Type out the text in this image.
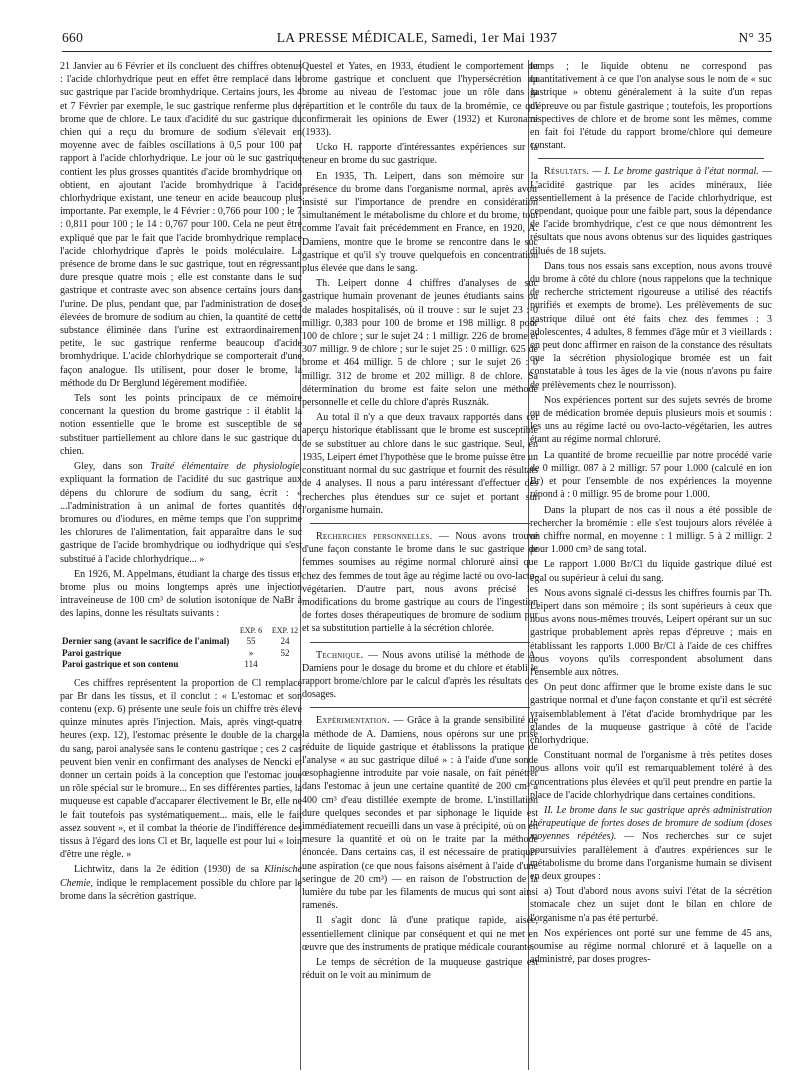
660	LA PRESSE MÉDICALE, Samedi, 1er Mai 1937	N° 35

21 Janvier au 6 Février et ils concluent des chiffres obtenus : l'acide chlorhydrique peut en effet être remplacé dans le suc gastrique par l'acide bromhydrique. Certains jours, les 4 et 7 Février par exemple, le suc gastrique renferme plus de brome que de chlore. Le taux d'acidité du suc gastrique du chien qui a reçu du bromure de sodium s'élevait en moyenne avec de faibles oscillations à 0,5 pour 100 par rapport à l'acide chlorhydrique. Le jour où le suc gastrique contient les plus grosses quantités d'acide bromhydrique on obtient, en ajoutant l'acide bromhydrique à l'acide chlorhydrique existant, une teneur en acide beaucoup plus importante. Par exemple, le 4 Février : 0,766 pour 100 ; le 7 : 0,811 pour 100 ; le 14 : 0,767 pour 100. Cela ne peut être expliqué que par le fait que l'acide bromhydrique remplace l'acide chlorhydrique d'après le poids moléculaire. La présence de brome dans le suc gastrique, tout en régressant, dure presque quatre mois ; elle est constante dans le suc gastrique et contraste avec son absence certains jours dans l'urine. De plus, pendant que, par l'administration de doses élevées de bromure de sodium au chien, la quantité de cette substance éliminée dans l'urine est extraordinairement petite, le suc gastrique renferme beaucoup d'acide bromhydrique. L'acide chlorhydrique se comporterait d'une façon analogue. Ils utilisent, pour doser le brome, la méthode du Dr Berglund légèrement modifiée.

Tels sont les points principaux de ce mémoire concernant la question du brome gastrique : il établit la notion essentielle que le brome est susceptible de se substituer partiellement au chlore dans le suc gastrique du chien.

Gley, dans son Traité élémentaire de physiologie, expliquant la formation de l'acidité du suc gastrique aux dépens du chlorure de sodium du sang, écrit : « ...l'administration à un animal de fortes quantités de bromures ou d'iodures, en même temps que l'on supprime les chlorures de l'alimentation, fait apparaître dans le suc gastrique de l'acide bromhydrique ou iodhydrique qui s'est substitué à l'acide chlorhydrique... »

En 1926, M. Appelmans, étudiant la charge des tissus en brome plus ou moins longtemps après une injection intraveineuse de 100 cm³ de solution isotonique de NaBr à des lapins, donne les résultats suivants :

	EXP. 6	EXP. 12
Dernier sang (avant le sacrifice de l'animal)	55	24
Paroi gastrique	»	52
Paroi gastrique et son contenu	114	

Ces chiffres représentent la proportion de Cl remplacé par Br dans les tissus, et il conclut : « L'estomac et son contenu (exp. 6) présente une seule fois un chiffre très élevé quinze minutes après l'injection. Mais, après vingt-quatre heures (exp. 12), l'estomac présente le double de la charge du sang, paroi analysée sans le contenu gastrique ; ces 2 cas peuvent bien venir en confirmant des analyses de Nencki et donner un certain poids à la conception que l'estomac joue un rôle spécial sur le bromure... En ses différentes parties, la muqueuse est capable d'accaparer électivement le Br, elle ne le fait toutefois pas systématiquement... mais, elle le fait assez souvent », et il combat la théorie de l'indifférence des tissus à l'égard des ions Cl et Br, laquelle est pour lui « loin d'être une règle. »

Lichtwitz, dans la 2e édition (1930) de sa Klinische Chemie, indique le remplacement possible du chlore par le brome dans la sécrétion gastrique.

Questel et Yates, en 1933, étudient le comportement du brome gastrique et concluent que l'hypersécrétion du brome au niveau de l'estomac joue un rôle dans la répartition et le contrôle du taux de la bromémie, ce qui confirmerait les opinions de Ewer (1932) et Kuronami (1933).

Ucko H. rapporte d'intéressantes expériences sur la teneur en brome du suc gastrique.

En 1935, Th. Leipert, dans son mémoire sur la présence du brome dans l'organisme normal, après avoir insisté sur l'importance de prendre en considération simultanément le métabolisme du chlore et du brome, tout comme l'avait fait précédemment en France, en 1920, A. Damiens, montre que le brome se rencontre dans le suc gastrique et qu'il s'y trouve quelquefois en concentration plus élevée que dans le sang.

Th. Leipert donne 4 chiffres d'analyses de suc gastrique humain provenant de jeunes étudiants sains ou de malades hospitalisés, où il trouve : sur le sujet 23 : 0 milligr. 0,383 pour 100 de brome et 198 milligr. 8 pour 100 de chlore ; sur le sujet 24 : 1 milligr. 226 de brome et 307 milligr. 9 de chlore ; sur le sujet 25 : 0 milligr. 625 de brome et 464 milligr. 5 de chlore ; sur le sujet 26 : 0 milligr. 312 de brome et 202 milligr. 8 de chlore. Sa détermination du brome est faite selon une méthode personnelle et celle du chlore d'après Rusznák.

Au total il n'y a que deux travaux rapportés dans cet aperçu historique établissant que le brome est susceptible de se substituer au chlore dans le suc gastrique. Seul, en 1935, Leipert émet l'hypothèse que le brome puisse être un constituant normal du suc gastrique et fournit des résultats de 4 analyses. Il nous a paru intéressant d'effectuer des recherches plus étendues sur ce sujet et portant sur l'organisme humain.

Recherches personnelles. — Nous avons trouvé d'une façon constante le brome dans le suc gastrique de femmes soumises au régime normal chloruré ainsi que chez des femmes de tout âge au régime lacté ou ovo-lacto-végétarien. D'autre part, nous avons précisé les modifications du brome gastrique au cours de l'ingestion de fortes doses thérapeutiques de bromure de sodium pur et sa substitution partielle à la sécrétion chlorée.

Technique. — Nous avons utilisé la méthode de A. Damiens pour le dosage du brome et du chlore et établi le rapport brome/chlore par le calcul d'après les résultats des dosages.

Expérimentation. — Grâce à la grande sensibilité de la méthode de A. Damiens, nous opérons sur une prise réduite de liquide gastrique et établissons la pratique de l'analyse « au suc gastrique dilué » : à l'aide d'une sonde œsophagienne introduite par voie nasale, on fait pénétrer dans l'estomac à jeun une certaine quantité de 200 cm³ à 400 cm³ d'eau distillée exempte de brome. L'instillation dure quelques secondes et par siphonage le liquide est immédiatement recueilli dans un vase à précipité, où on en mesure la quantité et où on le traite par la méthode énoncée. Dans certains cas, il est nécessaire de pratiquer une aspiration (ce que nous faisons aisément à l'aide d'une seringue de 20 cm³) — en raison de l'obstruction de la lumière du tube par les filaments de mucus qui sont ainsi ramenés.

Il s'agit donc là d'une pratique rapide, aisée, essentiellement clinique par conséquent et qui ne met en œuvre que des instruments de pratique médicale courante.

Le temps de sécrétion de la muqueuse gastrique est réduit on le voit au minimum de

temps ; le liquide obtenu ne correspond pas quantitativement à ce que l'on analyse sous le nom de « suc gastrique » obtenu généralement à la suite d'un repas d'épreuve ou par fistule gastrique ; toutefois, les proportions respectives de chlore et de brome sont les mêmes, comme en fait foi l'étude du rapport brome/chlore qui demeure constant.

Résultats. — I. Le brome gastrique à l'état normal. — L'acidité gastrique par les acides minéraux, liée essentiellement à la présence de l'acide chlorhydrique, est cependant, quoique pour une faible part, sous la dépendance de l'acide bromhydrique, c'est ce que nous démontrent les résultats que nous avons obtenus sur des liquides gastriques dilués de 18 sujets.

Dans tous nos essais sans exception, nous avons trouvé du brome à côté du chlore (nous rappelons que la technique de recherche strictement rigoureuse a utilisé des réactifs purifiés et exempts de brome). Les prélèvements de suc gastrique dilué ont été faits chez des femmes : 3 adolescentes, 4 adultes, 8 femmes d'âge mûr et 3 vieillards : on peut donc affirmer en raison de la constance des résultats que la sécrétion physiologique bromée est un fait constatable à tous les âges de la vie (nous n'avons pu faire de prélèvements chez le nourrisson).

Nos expériences portent sur des sujets sevrés de brome ou de médication bromée depuis plusieurs mois et soumis : les uns au régime lacté ou ovo-lacto-végétarien, les autres étant au régime normal chloruré.

La quantité de brome recueillie par notre procédé varie de 0 milligr. 087 à 2 milligr. 57 pour 1.000 (calculé en ion Br) et pour l'ensemble de nos expériences la moyenne répond à : 0 milligr. 95 de brome pour 1.000.

Dans la plupart de nos cas il nous a été possible de rechercher la bromémie : elle s'est toujours alors révélée à un chiffre normal, en moyenne : 1 milligr. 5 à 2 milligr. 2 pour 1.000 cm³ de sang total.

Le rapport 1.000 Br/Cl du liquide gastrique dilué est égal ou supérieur à celui du sang.

Nous avons signalé ci-dessus les chiffres fournis par Th. Leipert dans son mémoire ; ils sont supérieurs à ceux que nous avons nous-mêmes trouvés, Leipert opérant sur un suc gastrique probablement après repas d'épreuve ; mais en établissant les rapports 1.000 Br/Cl à l'aide de ces chiffres nous voyons qu'ils correspondent absolument dans l'ensemble aux nôtres.

On peut donc affirmer que le brome existe dans le suc gastrique normal et d'une façon constante et qu'il est sécrété vraisemblablement à l'état d'acide bromhydrique par les glandes de la muqueuse gastrique à côté de l'acide chlorhydrique.

Constituant normal de l'organisme à très petites doses nous allons voir qu'il est remarquablement toléré à des concentrations plus élevées et qu'il peut prendre en partie la place de l'acide chlorhydrique dans certaines conditions.

II. Le brome dans le suc gastrique après administration thérapeutique de fortes doses de bromure de sodium (doses moyennes répétées). — Nos recherches sur ce sujet poursuivies parallèlement à d'autres expériences sur le métabolisme du brome dans l'organisme humain se divisent en deux groupes :

a) Tout d'abord nous avons suivi l'état de la sécrétion stomacale chez un sujet dont le bilan en chlore de l'organisme n'a pas été perturbé.

Nos expériences ont porté sur une femme de 45 ans, soumise au régime normal chloruré et à laquelle on a administré, par doses progres-
